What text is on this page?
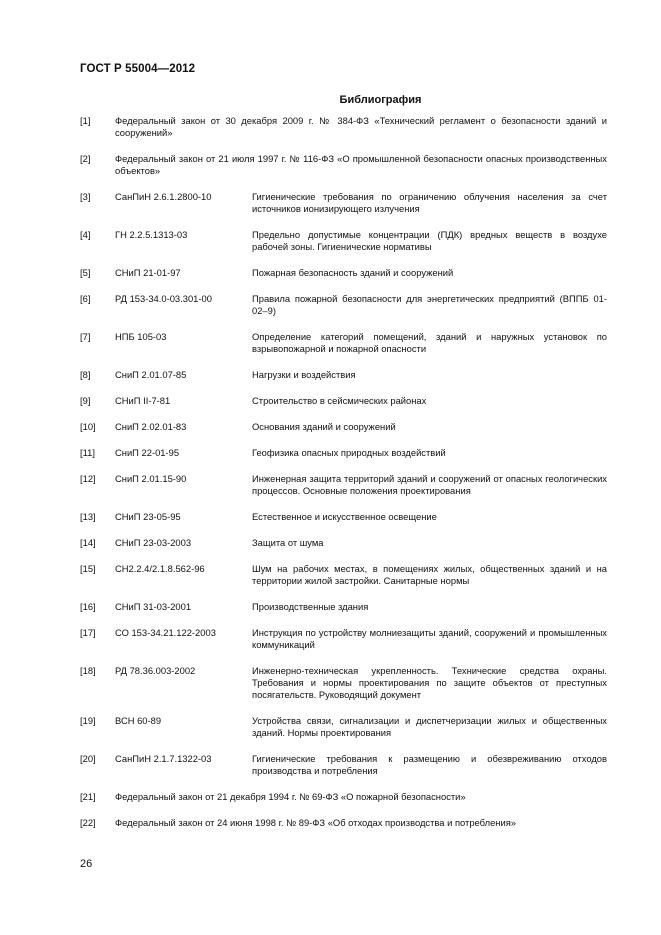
ГОСТ Р 55004—2012
Библиография
[1]	Федеральный закон от 30 декабря 2009 г. № 384-ФЗ «Технический регламент о безопасности зданий и сооружений»
[2]	Федеральный закон от 21 июля 1997 г. № 116-ФЗ «О промышленной безопасности опасных производственных объектов»
[3]	СанПиН 2.6.1.2800-10	Гигиенические требования по ограничению облучения населения за счет источников ионизирующего излучения
[4]	ГН 2.2.5.1313-03	Предельно допустимые концентрации (ПДК) вредных веществ в воздухе рабочей зоны. Гигиенические нормативы
[5]	СНиП 21-01-97	Пожарная безопасность зданий и сооружений
[6]	РД 153-34.0-03.301-00	Правила пожарной безопасности для энергетических предприятий (ВППБ 01-02–9)
[7]	НПБ 105-03	Определение категорий помещений, зданий и наружных установок по взрывопожарной и пожарной опасности
[8]	СниП 2.01.07-85	Нагрузки и воздействия
[9]	СНиП II-7-81	Строительство в сейсмических районах
[10]	СниП 2.02.01-83	Основания зданий и сооружений
[11]	СниП 22-01-95	Геофизика опасных природных воздействий
[12]	СниП 2.01.15-90	Инженерная защита территорий зданий и сооружений от опасных геологических процессов. Основные положения проектирования
[13]	СНиП 23-05-95	Естественное и искусственное освещение
[14]	СНиП 23-03-2003	Защита от шума
[15]	СН2.2.4/2.1.8.562-96	Шум на рабочих местах, в помещениях жилых, общественных зданий и на территории жилой застройки. Санитарные нормы
[16]	СНиП 31-03-2001	Производственные здания
[17]	СО 153-34.21.122-2003	Инструкция по устройству молниезащиты зданий, сооружений и промышленных коммуникаций
[18]	РД 78.36.003-2002	Инженерно-техническая укрепленность. Технические средства охраны. Требования и нормы проектирования по защите объектов от преступных посягательств. Руководящий документ
[19]	ВСН 60-89	Устройства связи, сигнализации и диспетчеризации жилых и общественных зданий. Нормы проектирования
[20]	СанПиН 2.1.7.1322-03	Гигиенические требования к размещению и обезвреживанию отходов производства и потребления
[21]	Федеральный закон от 21 декабря 1994 г. № 69-ФЗ «О пожарной безопасности»
[22]	Федеральный закон от 24 июня 1998 г. № 89-ФЗ «Об отходах производства и потребления»
26
